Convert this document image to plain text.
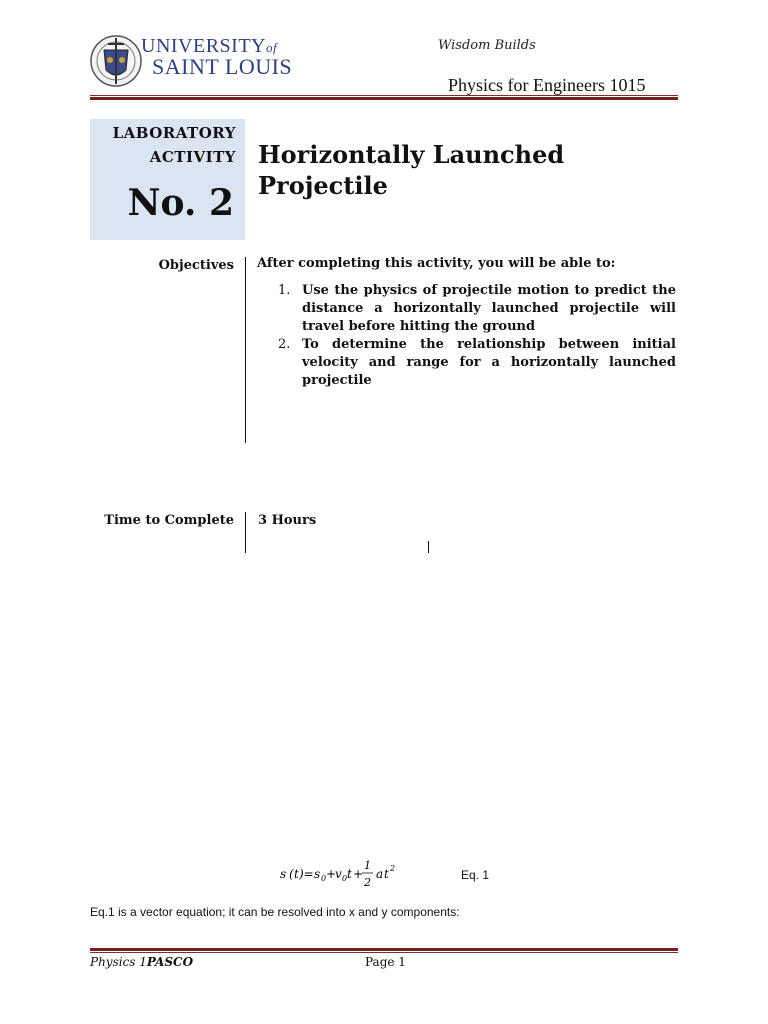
UNIVERSITYof
SAINT LOUIS
Wisdom Builds
Physics for Engineers 1015
LABORATORY
ACTIVITY
No. 2
Horizontally Launched
Projectile
Objectives After completing this activity, you will be able to:
1. Use the physics of projectile motion to predict the distance a horizontally launched projectile will travel before hitting the ground
2. To determine the relationship between initial velocity and range for a horizontally launched projectile
Time to Complete 3 Hours
s ( t )= s 0 +
v 0 t +
1
2
a t 2	Eq. 1
Eq.1 is a vector equation; it can be resolved into x and y components:
Physics 1PASCO	Page 1
